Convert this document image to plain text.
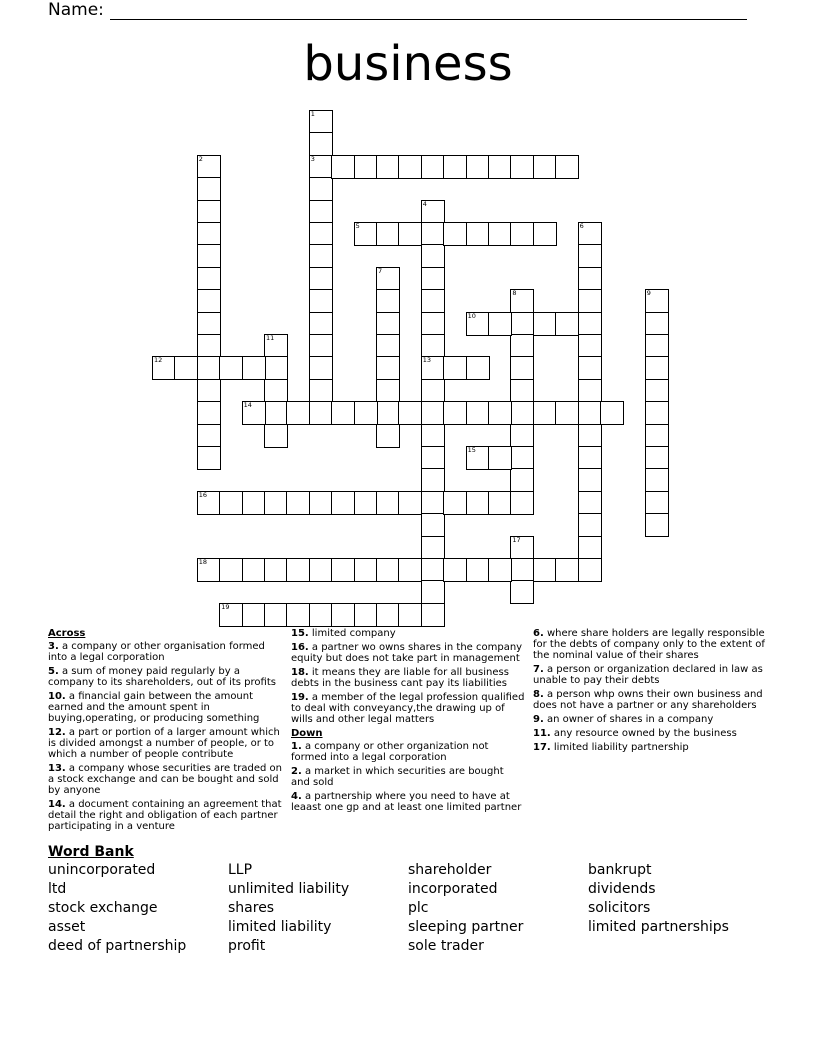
Name:
business
1
3
2
4
13
5	6
7
8	9
10
11
12
14
15
16
17
18
19

Across

3. a company or other organisation formed into a legal corporation

5. a sum of money paid regularly by a company to its shareholders, out of its profits

10. a financial gain between the amount earned and the amount spent in buying,operating, or producing something

12. a part or portion of a larger amount which is divided amongst a number of people, or to which a number of people contribute

13. a company whose securities are traded on a stock exchange and can be bought and sold by anyone

14. a document containing an agreement that detail the right and obligation of each partner participating in a venture

15. limited company

16. a partner wo owns shares in the company equity but does not take part in management

18. it means they are liable for all business debts in the business cant pay its liabilities

19. a member of the legal profession qualified to deal with conveyancy,the drawing up of wills and other legal matters

Down

1. a company or other organization not formed into a legal corporation

2. a market in which securities are bought and sold

4. a partnership where you need to have at leaast one gp and at least one limited partner

6. where share holders are legally responsible for the debts of company only to the extent of the nominal value of their shares

7. a person or organization declared in law as unable to pay their debts

8. a person whp owns their own business and does not have a partner or any shareholders

9. an owner of shares in a company

11. any resource owned by the business

17. limited liability partnership

Word Bank
unincorporated
ltd
stock exchange
asset
deed of partnership
LLP
unlimited liability
shares
limited liability
profit
shareholder
incorporated
plc
sleeping partner
sole trader
bankrupt
dividends
solicitors
limited partnerships
